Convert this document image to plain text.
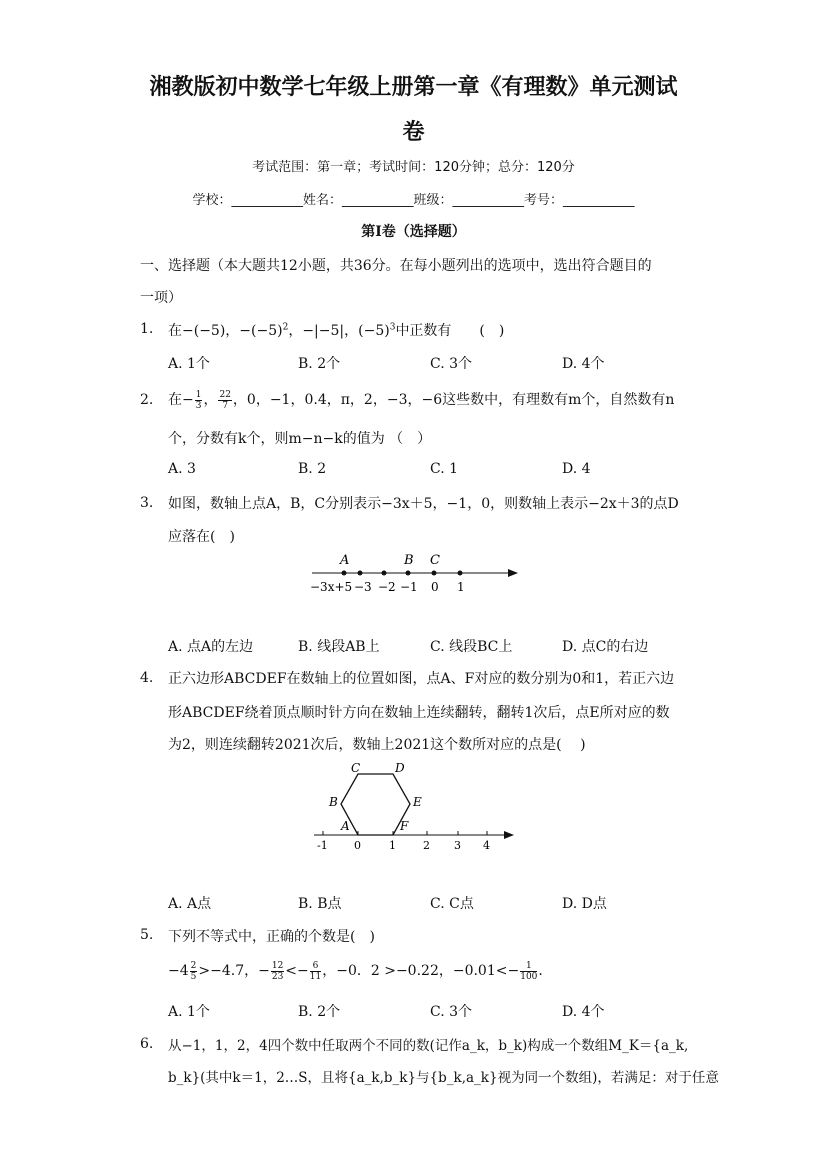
湘教版初中数学七年级上册第一章《有理数》单元测试
卷
考试范围：第一章；考试时间：120分钟；总分：120分
学校：___________姓名：___________班级：___________考号：___________
第I卷（选择题）
一、选择题（本大题共12小题，共36分。在每小题列出的选项中，选出符合题目的
一项）
1. 在−(−5)，$-(-5)^2$，−|−5|，$(-5)^3$中正数有　　(　)
A. 1个	B. 2个	C. 3个	D. 4个
2. 在− $\frac{1}{3}$ ， $\frac{22}{7}$ ，0，−1，0.4，π，2，−3，−6这些数中，有理数有m个，自然数有n
个，分数有k个，则m−n−k的值为 （　）
A. 3	B. 2	C. 1	D. 4
3. 如图，数轴上点A，B，C分别表示−3x＋5，−1，0，则数轴上表示−2x＋3的点D
应落在(　)
A	B C
−3x+5 −3 −2 −1 0 1
A. 点A的左边	B. 线段AB上	C. 线段BC上	D. 点C的右边
4. 正六边形ABCDEF在数轴上的位置如图，点A、F对应的数分别为0和1，若正六边
形ABCDEF绕着顶点顺时针方向在数轴上连续翻转，翻转1次后，点E所对应的数
为2，则连续翻转2021次后，数轴上2021这个数所对应的点是(　 )
A
B
C	D
E
F
-1 0	1 2 3 4
A. A点	B. B点	C. C点	D. D点
5. 下列不等式中，正确的个数是(　)
$-4 \frac{2}{5} >-4.7$，− $\frac{12}{23} <- \frac{6}{11}$ ，−0．2 >−0.22，$-0.01<- \frac{1}{100}$ .
A. 1个	B. 2个	C. 3个	D. 4个
6. 从−1，1，2，4四个数中任取两个不同的数(记作a_k，b_k)构成一个数组M_K＝{a_k,
b_k}(其中k＝1，2…S，且将{a_k,b_k}与{b_k,a_k}视为同一个数组)，若满足：对于任意
